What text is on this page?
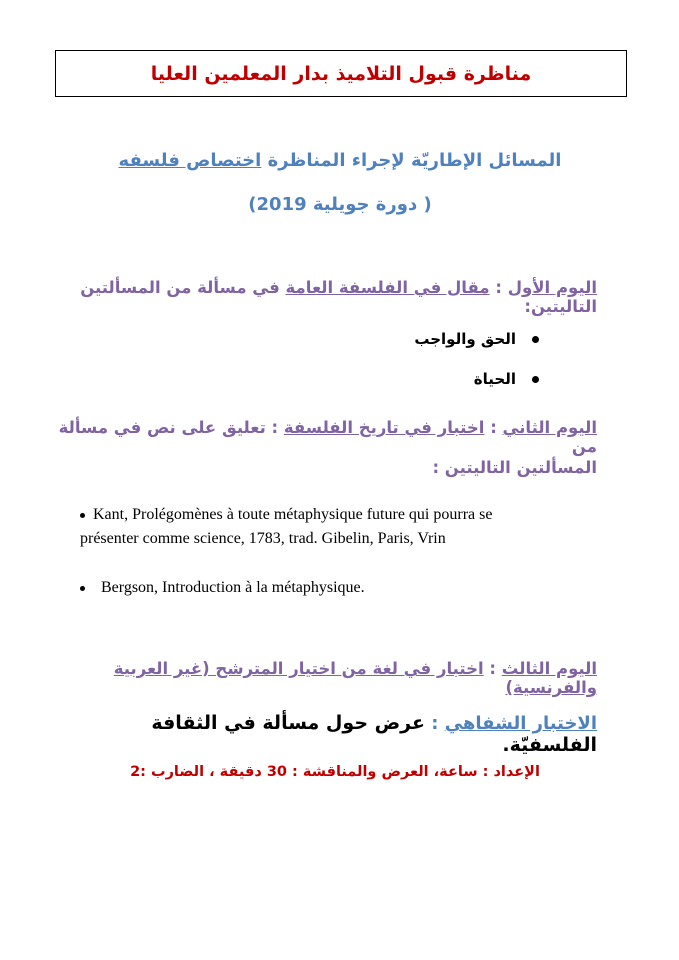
مناظرة قبول التلاميذ بدار المعلمين العليا
المسائل الإطاريّة لإجراء المناظرة اختصاص فلسفه
( دورة جويلية 2019)
اليوم الأول : مقال في الفلسفة العامة في مسألة من المسألتين التاليتين:
الحق والواجب
الحياة
اليوم الثاني : اختبار في تاريخ الفلسفة : تعليق على نص في مسألة من
المسألتين التاليتين :
Kant, Prolégomènes à toute métaphysique future qui pourra se
présenter comme science, 1783, trad. Gibelin, Paris, Vrin
Bergson, Introduction à la métaphysique.
اليوم الثالث : اختبار في لغة من اختيار المترشح (غير العربية والفرنسية)
الاختبار الشفاهي : عرض حول مسألة في الثقافة الفلسفيّة.
الإعداد : ساعة، العرض والمناقشة : 30 دقيقة ، الضارب :2
